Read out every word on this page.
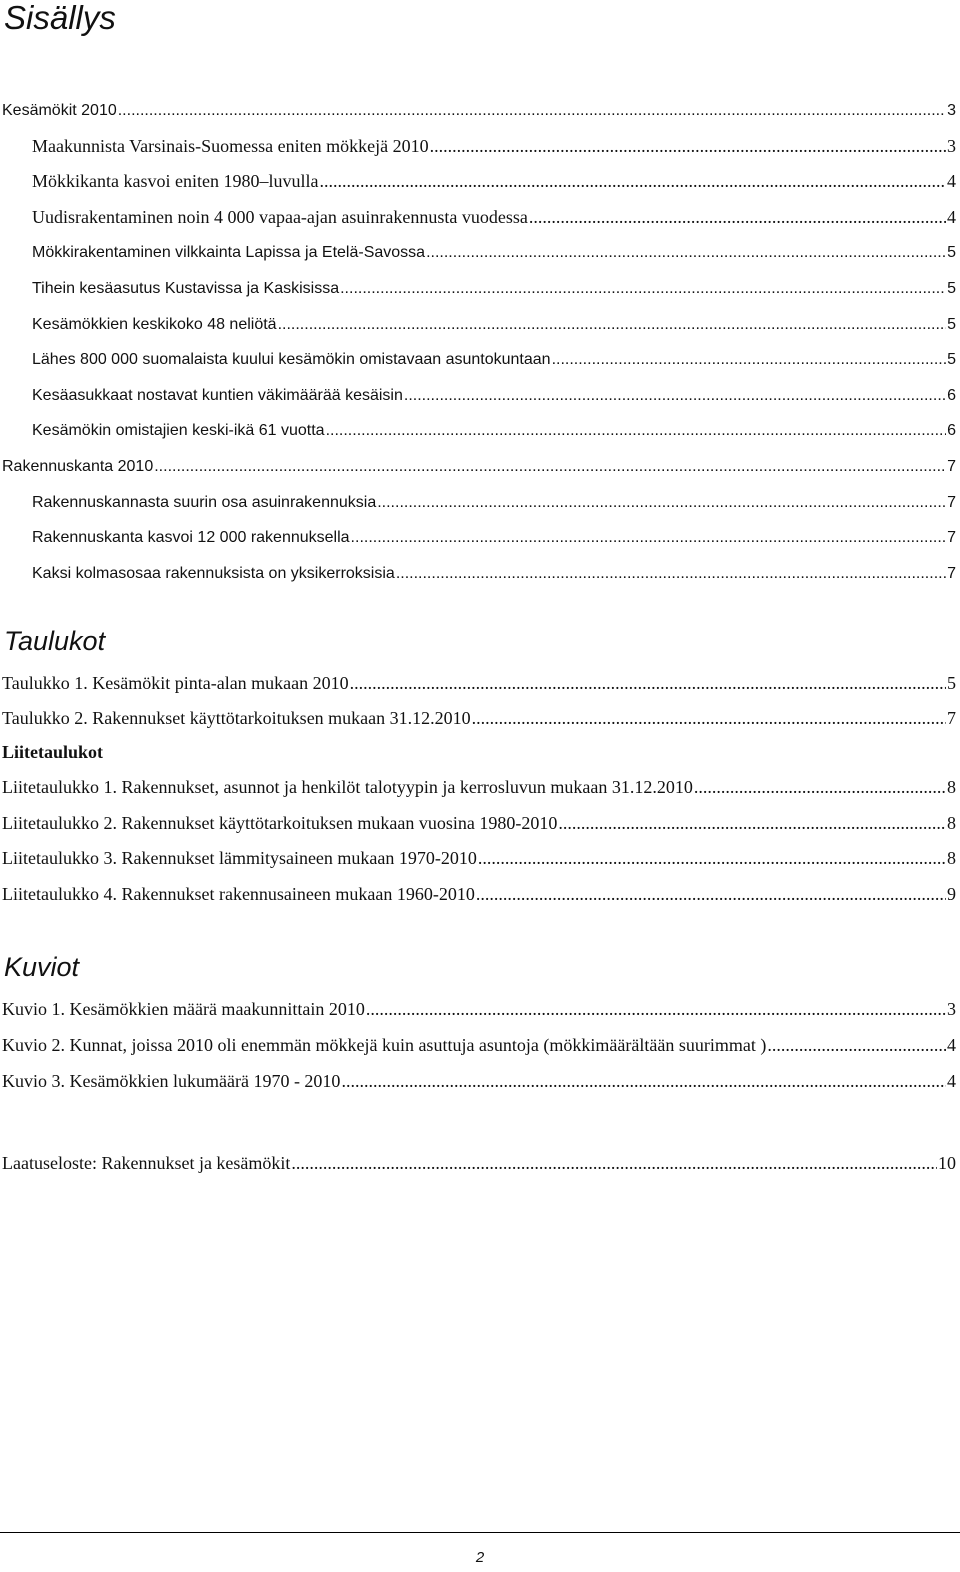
Sisällys
Kesämökit 2010 .....	3
Maakunnista Varsinais-Suomessa eniten mökkejä 2010 .....	3
Mökkikanta kasvoi eniten 1980–luvulla .....	4
Uudisrakentaminen noin 4 000 vapaa-ajan asuinrakennusta vuodessa .....	4
Mökkirakentaminen vilkkainta Lapissa ja Etelä-Savossa .....	5
Tihein kesäasutus Kustavissa ja Kaskisissa .....	5
Kesämökkien keskikoko 48 neliötä .....	5
Lähes 800 000 suomalaista kuului kesämökin omistavaan asuntokuntaan .....	5
Kesäasukkaat nostavat kuntien väkimäärää kesäisin .....	6
Kesämökin omistajien keski-ikä 61 vuotta .....	6
Rakennuskanta 2010 .....	7
Rakennuskannasta suurin osa asuinrakennuksia .....	7
Rakennuskanta kasvoi 12 000 rakennuksella .....	7
Kaksi kolmasosaa rakennuksista on yksikerroksisia .....	7
Taulukot
Taulukko 1. Kesämökit pinta-alan mukaan 2010 .....	5
Taulukko 2. Rakennukset käyttötarkoituksen mukaan 31.12.2010 .....	7
Liitetaulukot
Liitetaulukko 1. Rakennukset, asunnot ja henkilöt talotyypin ja kerrosluvun mukaan 31.12.2010 .....	8
Liitetaulukko 2. Rakennukset käyttötarkoituksen mukaan vuosina 1980-2010 .....	8
Liitetaulukko 3. Rakennukset lämmitysaineen mukaan 1970-2010 .....	8
Liitetaulukko 4. Rakennukset rakennusaineen mukaan 1960-2010 .....	9
Kuviot
Kuvio 1. Kesämökkien määrä maakunnittain 2010 .....	3
Kuvio 2. Kunnat, joissa 2010 oli enemmän mökkejä kuin asuttuja asuntoja (mökkimäärältään suurimmat ) .....	4
Kuvio 3. Kesämökkien lukumäärä 1970 - 2010 .....	4
Laatuseloste: Rakennukset ja kesämökit .....	10
2
